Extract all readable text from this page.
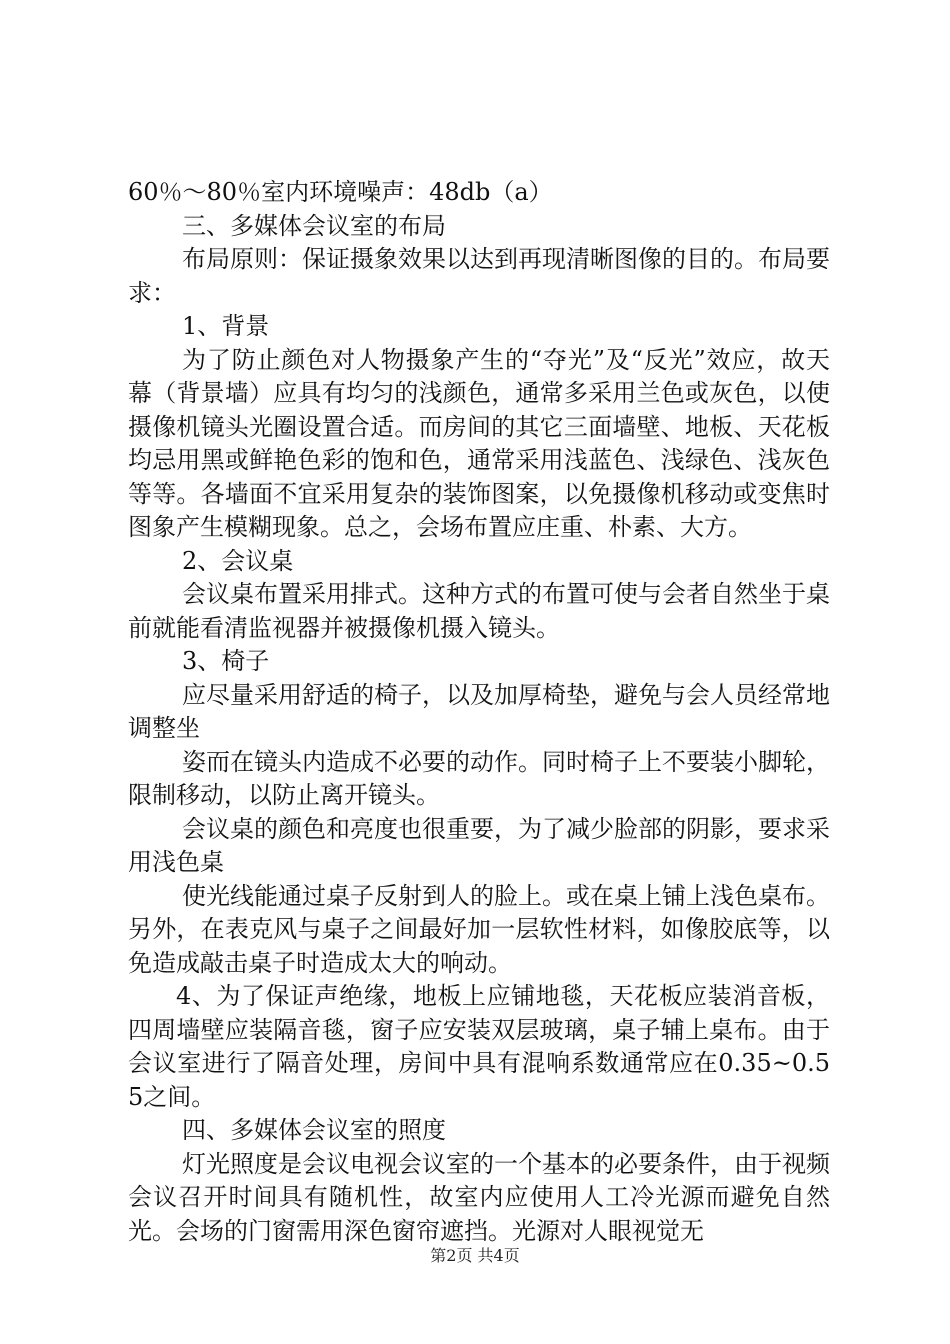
60％～80％室内环境噪声：48db（a）

三、多媒体会议室的布局

布局原则：保证摄象效果以达到再现清晰图像的目的。布局要求：

1、背景

为了防止颜色对人物摄象产生的“夺光”及“反光”效应，故天幕（背景墙）应具有均匀的浅颜色，通常多采用兰色或灰色，以使摄像机镜头光圈设置合适。而房间的其它三面墙壁、地板、天花板均忌用黑或鲜艳色彩的饱和色，通常采用浅蓝色、浅绿色、浅灰色等等。各墙面不宜采用复杂的装饰图案，以免摄像机移动或变焦时图象产生模糊现象。总之，会场布置应庄重、朴素、大方。

2、会议桌

会议桌布置采用排式。这种方式的布置可使与会者自然坐于桌前就能看清监视器并被摄像机摄入镜头。

3、椅子

应尽量采用舒适的椅子，以及加厚椅垫，避免与会人员经常地调整坐

姿而在镜头内造成不必要的动作。同时椅子上不要装小脚轮，限制移动，以防止离开镜头。

会议桌的颜色和亮度也很重要，为了减少脸部的阴影，要求采用浅色桌

使光线能通过桌子反射到人的脸上。或在桌上铺上浅色桌布。另外，在表克风与桌子之间最好加一层软性材料，如像胶底等，以免造成敲击桌子时造成太大的响动。

4、为了保证声绝缘，地板上应铺地毯，天花板应装消音板，四周墙壁应装隔音毯，窗子应安装双层玻璃，桌子辅上桌布。由于会议室进行了隔音处理，房间中具有混响系数通常应在0.35~0.55之间。

四、多媒体会议室的照度

灯光照度是会议电视会议室的一个基本的必要条件，由于视频会议召开时间具有随机性，故室内应使用人工冷光源而避免自然光。会场的门窗需用深色窗帘遮挡。光源对人眼视觉无

第2页 共4页
